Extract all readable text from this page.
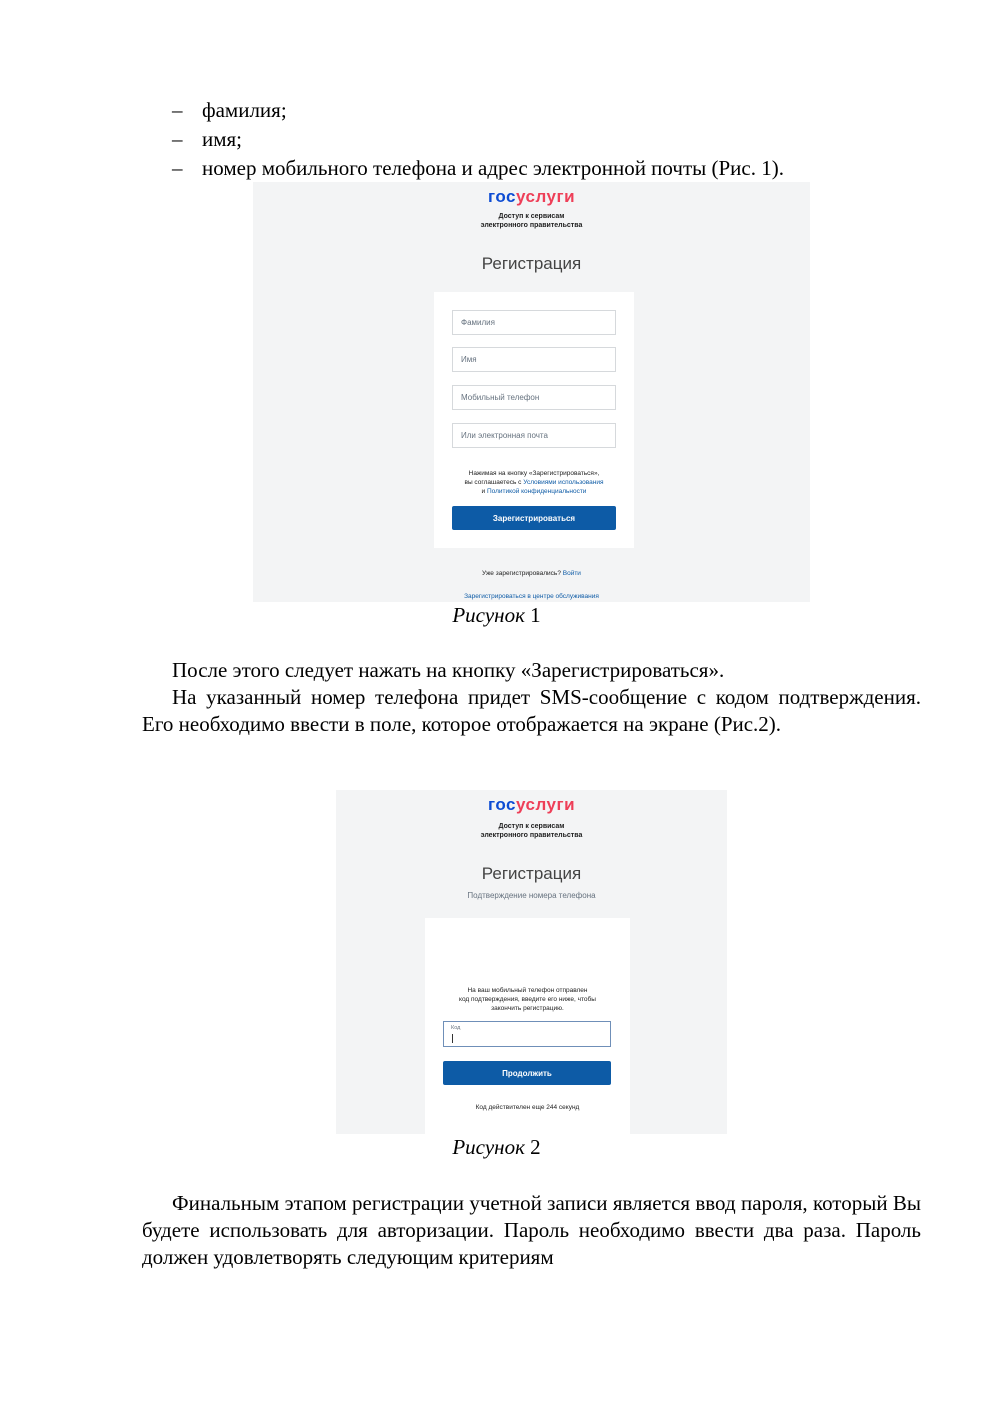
– фамилия;
– имя;
– номер мобильного телефона и адрес электронной почты (Рис. 1).
госуслуги
Доступ к сервисам
электронного правительства
Регистрация
Фамилия
Имя
Мобильный телефон
Или электронная почта
Нажимая на кнопку «Зарегистрироваться»,
вы соглашаетесь с Условиями использования
и Политикой конфиденциальности
Зарегистрироваться
Уже зарегистрировались? Войти
Зарегистрироваться в центре обслуживания
Рисунок 1

После этого следует нажать на кнопку «Зарегистрироваться».

На указанный номер телефона придет SMS-сообщение с кодом подтверждения. Его необходимо ввести в поле, которое отображается на экране (Рис.2).

госуслуги
Доступ к сервисам
электронного правительства
Регистрация
Подтверждение номера телефона
На ваш мобильный телефон отправлен
код подтверждения, введите его ниже, чтобы
закончить регистрацию.
Код
Продолжить
Код действителен еще 244 секунд
Рисунок 2

Финальным этапом регистрации учетной записи является ввод пароля, который Вы будете использовать для авторизации. Пароль необходимо ввести два раза. Пароль должен удовлетворять следующим критериям
